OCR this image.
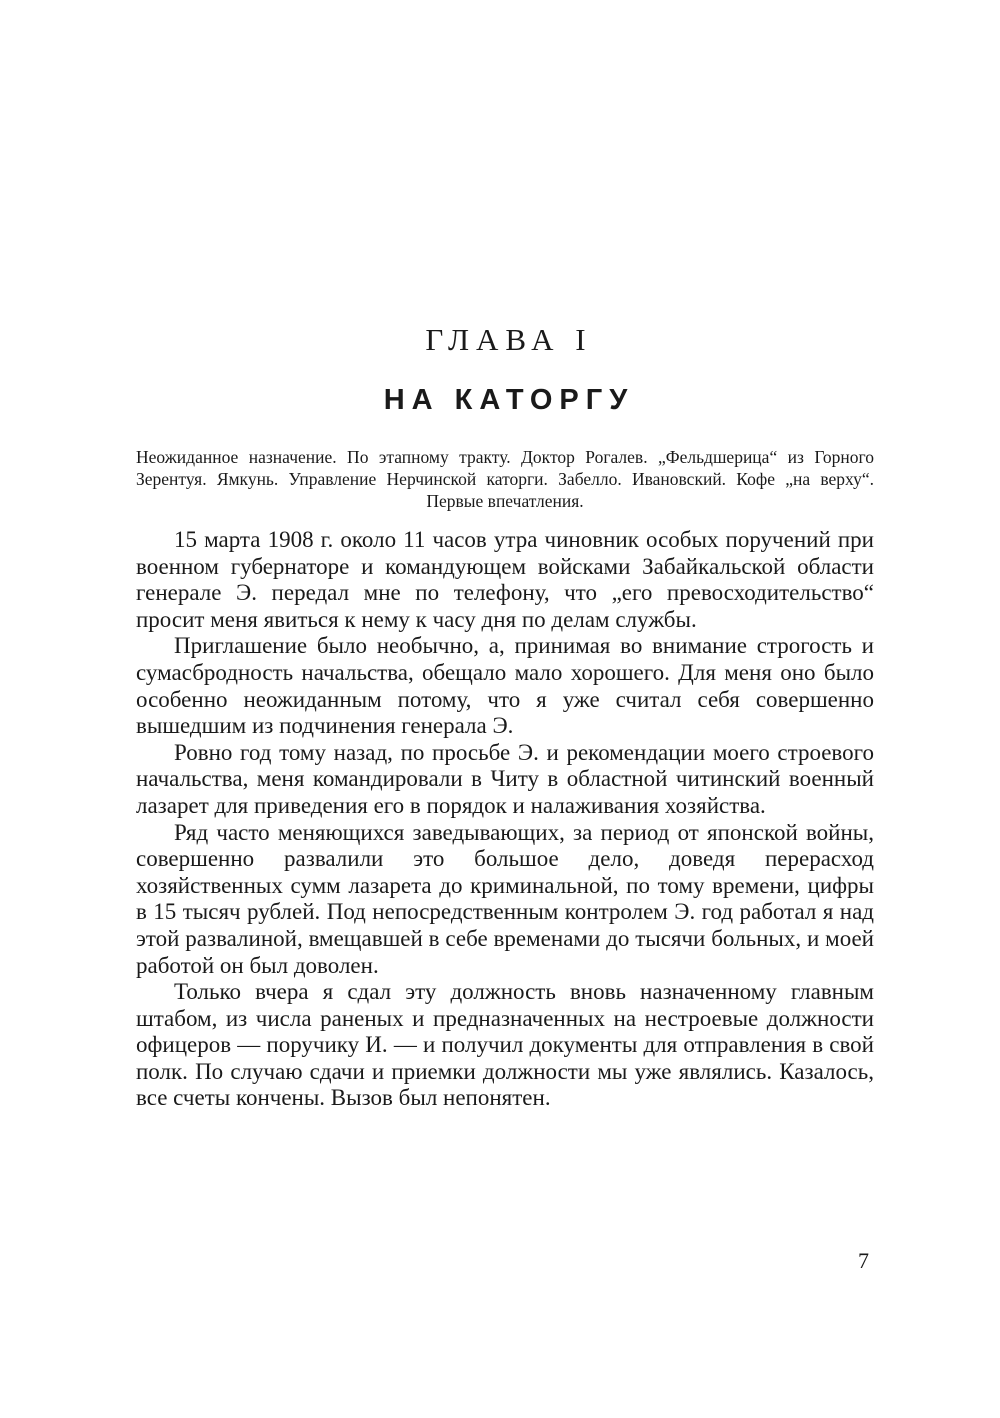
ГЛАВА I
НА КАТОРГУ

Неожиданное назначение. По этапному тракту. Доктор Рогалев. „Фельдшерица“ из Горного Зерентуя. Ямкунь. Управление Нерчинской каторги. Забелло. Ивановский. Кофе „на верху“. Первые впечатления.

15 марта 1908 г. около 11 часов утра чиновник особых поручений при военном губернаторе и командующем войсками Забайкальской области генерале Э. передал мне по телефону, что „его превосходительство“ просит меня явиться к нему к часу дня по делам службы.

Приглашение было необычно, а, принимая во внимание строгость и сумасбродность начальства, обещало мало хорошего. Для меня оно было особенно неожиданным потому, что я уже считал себя совершенно вышедшим из подчинения генерала Э.

Ровно год тому назад, по просьбе Э. и рекомендации моего строевого начальства, меня командировали в Читу в областной читинский военный лазарет для приведения его в порядок и налаживания хозяйства.

Ряд часто меняющихся заведывающих, за период от японской войны, совершенно развалили это большое дело, доведя перерасход хозяйственных сумм лазарета до криминальной, по тому времени, цифры в 15 тысяч рублей. Под непосредственным контролем Э. год работал я над этой развалиной, вмещавшей в себе временами до тысячи больных, и моей работой он был доволен.

Только вчера я сдал эту должность вновь назначенному главным штабом, из числа раненых и предназначенных на нестроевые должности офицеров — поручику И. — и получил документы для отправления в свой полк. По случаю сдачи и приемки должности мы уже являлись. Казалось, все счеты кончены. Вызов был непонятен.

7
